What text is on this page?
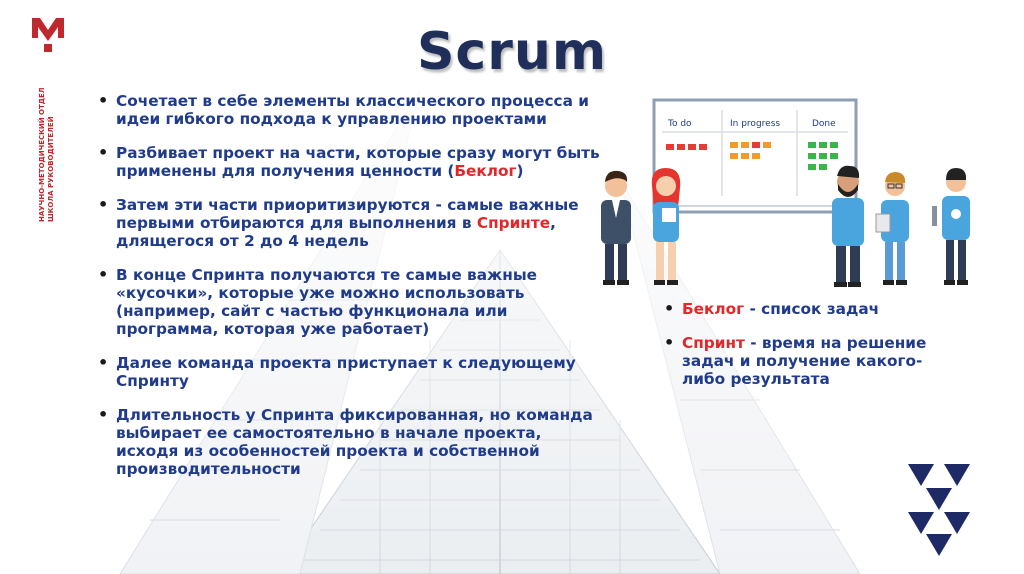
НАУЧНО-МЕТОДИЧЕСКИЙ ОТДЕЛ ШКОЛА РУКОВОДИТЕЛЕЙ
Scrum
• Сочетает в себе элементы классического процесса и идеи гибкого подхода к управлению проектами
• Разбивает проект на части, которые сразу могут быть применены для получения ценности (Беклог)
• Затем эти части приоритизируются - самые важные первыми отбираются для выполнения в Спринте, длящегося от 2 до 4 недель
• В конце Спринта получаются те самые важные «кусочки», которые уже можно использовать (например, сайт с частью функционала или программа, которая уже работает)
• Далее команда проекта приступает к следующему Спринту
• Длительность у Спринта фиксированная, но команда выбирает ее самостоятельно в начале проекта, исходя из особенностей проекта и собственной производительности
To do	In progress	Done
• Беклог - список задач
• Спринт - время на решение задач и получение какого-либо результата
